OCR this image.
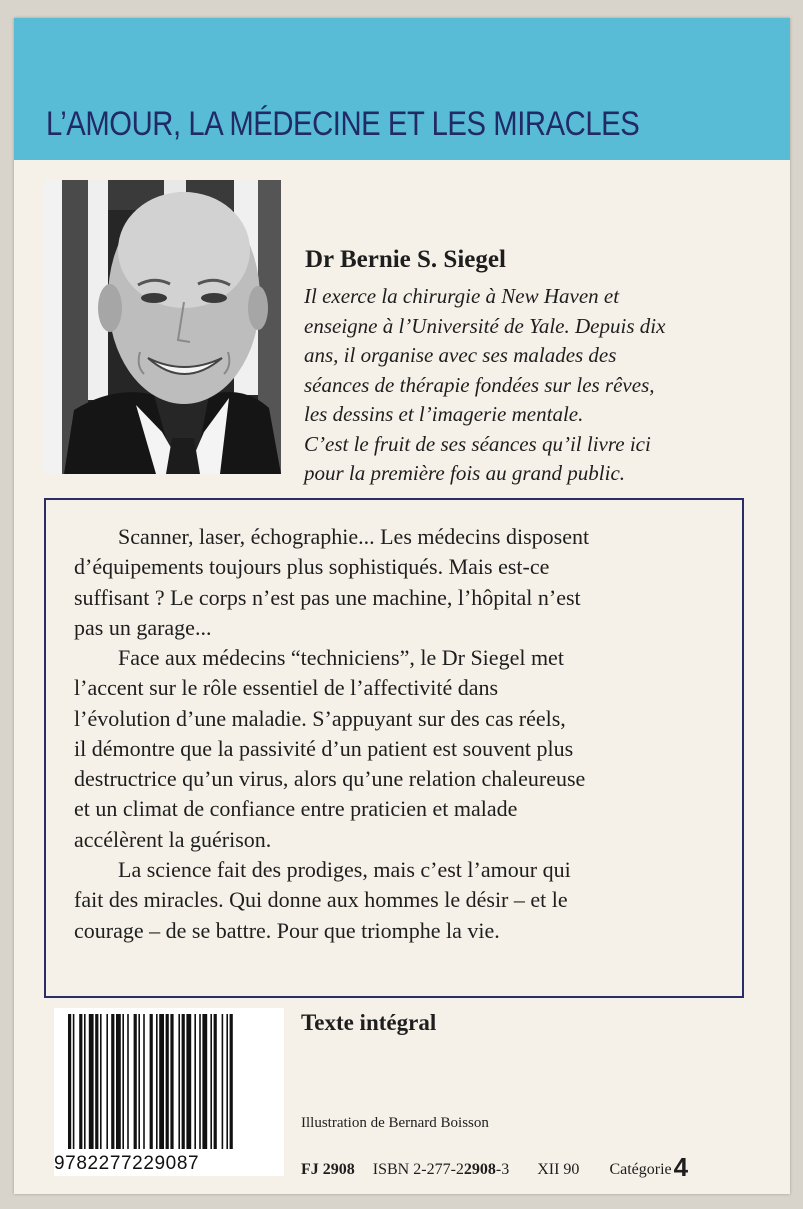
L’AMOUR, LA MÉDECINE ET LES MIRACLES
Dr Bernie S. Siegel
Il exerce la chirurgie à New Haven et
enseigne à l’Université de Yale. Depuis dix
ans, il organise avec ses malades des
séances de thérapie fondées sur les rêves,
les dessins et l’imagerie mentale.
C’est le fruit de ses séances qu’il livre ici
pour la première fois au grand public.

Scanner, laser, échographie... Les médecins disposent
d’équipements toujours plus sophistiqués. Mais est-ce
suffisant ? Le corps n’est pas une machine, l’hôpital n’est
pas un garage...

Face aux médecins “techniciens”, le Dr Siegel met
l’accent sur le rôle essentiel de l’affectivité dans
l’évolution d’une maladie. S’appuyant sur des cas réels,
il démontre que la passivité d’un patient est souvent plus
destructrice qu’un virus, alors qu’une relation chaleureuse
et un climat de confiance entre praticien et malade
accélèrent la guérison.

La science fait des prodiges, mais c’est l’amour qui
fait des miracles. Qui donne aux hommes le désir – et le
courage – de se battre. Pour que triomphe la vie.

9782277229087
Texte intégral
Illustration de Bernard Boisson
FJ 2908 ISBN 2-277-22908-3 XII 90 Catégorie4
